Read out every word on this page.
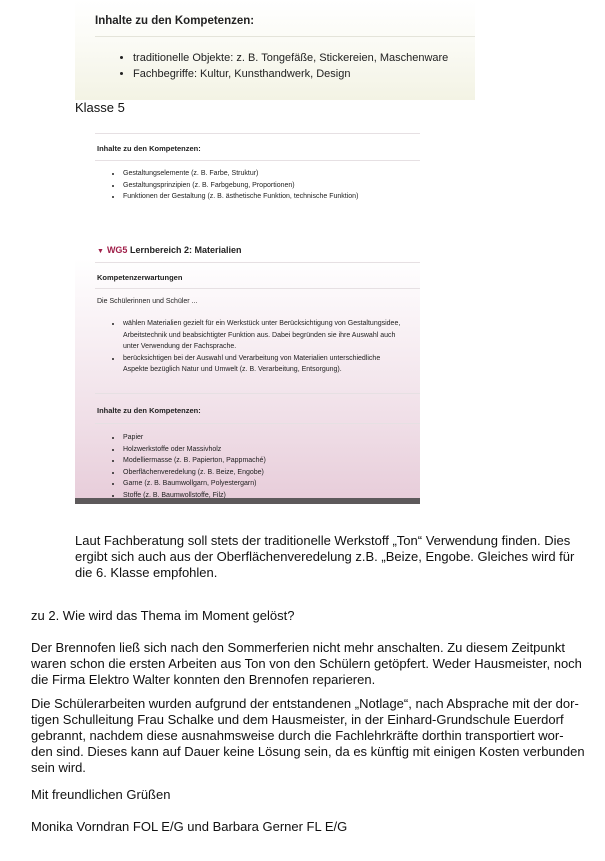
Inhalte zu den Kompetenzen:
• traditionelle Objekte: z. B. Tongefäße, Stickereien, Maschenware
• Fachbegriffe: Kultur, Kunsthandwerk, Design
Klasse 5
Inhalte zu den Kompetenzen:
• Gestaltungselemente (z. B. Farbe, Struktur)
• Gestaltungsprinzipien (z. B. Farbgebung, Proportionen)
• Funktionen der Gestaltung (z. B. ästhetische Funktion, technische Funktion)
▼ WG5 Lernbereich 2: Materialien
Kompetenzerwartungen
Die Schülerinnen und Schüler ...
• wählen Materialien gezielt für ein Werkstück unter Berücksichtigung von Gestaltungsidee, Arbeitstechnik und beabsichtigter Funktion aus. Dabei begründen sie ihre Auswahl auch unter Verwendung der Fachsprache.
• berücksichtigen bei der Auswahl und Verarbeitung von Materialien unterschiedliche Aspekte bezüglich Natur und Umwelt (z. B. Verarbeitung, Entsorgung).
Inhalte zu den Kompetenzen:
• Papier
• Holzwerkstoffe oder Massivholz
• Modelliermasse (z. B. Papierton, Pappmaché)
• Oberflächenveredelung (z. B. Beize, Engobe)
• Garne (z. B. Baumwollgarn, Polyestergarn)
• Stoffe (z. B. Baumwollstoffe, Filz)

Laut Fachberatung soll stets der traditionelle Werkstoff „Ton“ Verwendung finden. Dies
ergibt sich auch aus der Oberflächenveredelung z.B. „Beize, Engobe. Gleiches wird für
die 6. Klasse empfohlen.

zu 2. Wie wird das Thema im Moment gelöst?

Der Brennofen ließ sich nach den Sommerferien nicht mehr anschalten. Zu diesem Zeitpunkt
waren schon die ersten Arbeiten aus Ton von den Schülern getöpfert. Weder Hausmeister, noch
die Firma Elektro Walter konnten den Brennofen reparieren.

Die Schülerarbeiten wurden aufgrund der entstandenen „Notlage“, nach Absprache mit der dor-
tigen Schulleitung Frau Schalke und dem Hausmeister, in der Einhard-Grundschule Euerdorf
gebrannt, nachdem diese ausnahmsweise durch die Fachlehrkräfte dorthin transportiert wor-
den sind. Dieses kann auf Dauer keine Lösung sein, da es künftig mit einigen Kosten verbunden
sein wird.

Mit freundlichen Grüßen

Monika Vorndran FOL E/G und Barbara Gerner FL E/G
